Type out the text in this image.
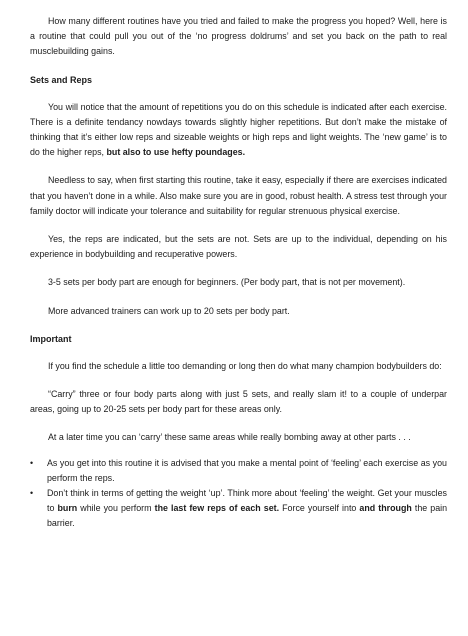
How many different routines have you tried and failed to make the progress you hoped? Well, here is a routine that could pull you out of the ‘no progress doldrums’ and set you back on the path to real musclebuilding gains.

Sets and Reps

You will notice that the amount of repetitions you do on this schedule is indicated after each exercise. There is a definite tendancy nowdays towards slightly higher repetitions. But don’t make the mistake of thinking that it’s either low reps and sizeable weights or high reps and light weights. The ‘new game’ is to do the higher reps, but also to use hefty poundages.

Needless to say, when first starting this routine, take it easy, especially if there are exercises indicated that you haven’t done in a while. Also make sure you are in good, robust health. A stress test through your family doctor will indicate your tolerance and suitability for regular strenuous physical exercise.

Yes, the reps are indicated, but the sets are not. Sets are up to the individual, depending on his experience in bodybuilding and recuperative powers.

3-5 sets per body part are enough for beginners. (Per body part, that is not per movement).

More advanced trainers can work up to 20 sets per body part.

Important

If you find the schedule a little too demanding or long then do what many champion bodybuilders do:

“Carry” three or four body parts along with just 5 sets, and really slam it! to a couple of underpar areas, going up to 20-25 sets per body part for these areas only.

At a later time you can ‘carry’ these same areas while really bombing away at other parts . . .

• As you get into this routine it is advised that you make a mental point of ‘feeling’ each exercise as you perform the reps.
• Don’t think in terms of getting the weight ‘up’. Think more about ‘feeling’ the weight. Get your muscles to burn while you perform the last few reps of each set. Force yourself into and through the pain barrier.
